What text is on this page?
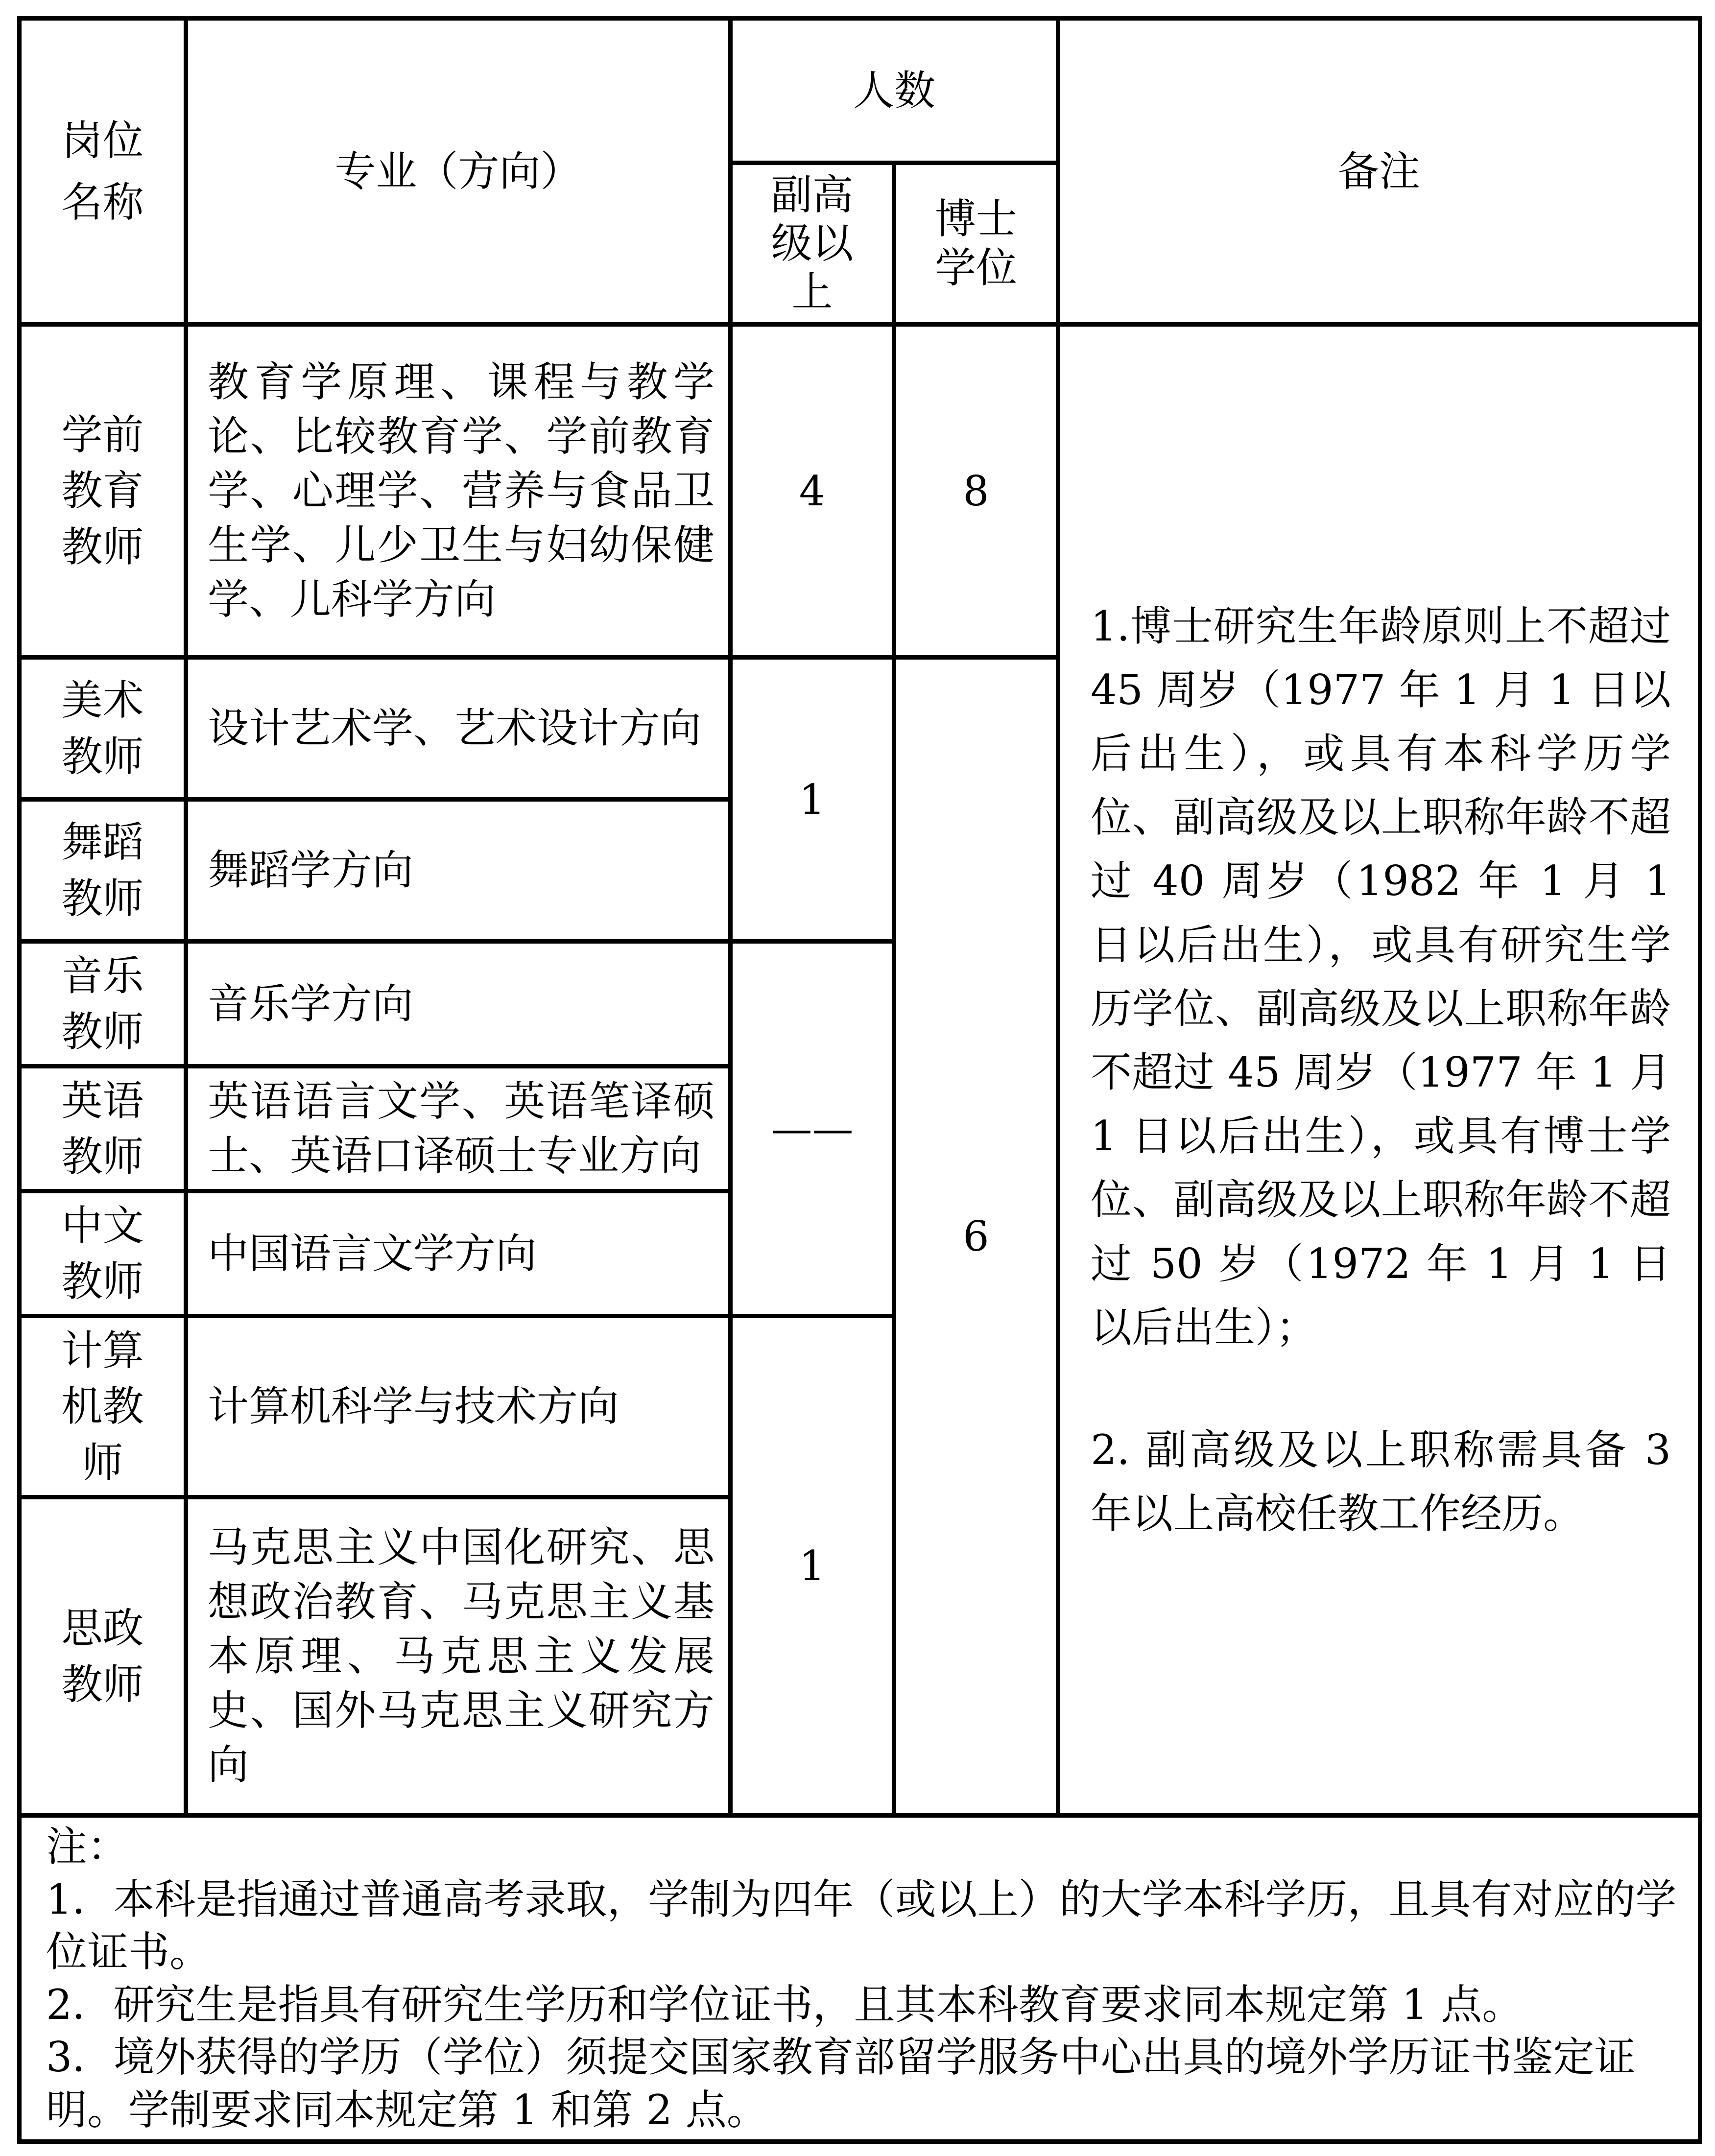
岗位名称	专业（方向）	人数		备注
		副高级以上	博士学位	
学前教育教师	教育学原理、课程与教学论、比较教育学、学前教育学、心理学、营养与食品卫生学、儿少卫生与妇幼保健学、儿科学方向	4	8	1.博士研究生年龄原则上不超过 45 周岁（1977 年 1 月 1 日以后出生），或具有本科学历学位、副高级及以上职称年龄不超过 40 周岁（1982 年 1 月 1 日以后出生），或具有研究生学历学位、副高级及以上职称年龄不超过 45 周岁（1977 年 1 月 1 日以后出生），或具有博士学位、副高级及以上职称年龄不超过 50 岁（1972 年 1 月 1 日以后出生）；

2. 副高级及以上职称需具备 3 年以上高校任教工作经历。

美术教师	设计艺术学、艺术设计方向	1	6	
舞蹈教师	舞蹈学方向			
音乐教师	音乐学方向	——		
英语教师	英语语言文学、英语笔译硕士、英语口译硕士专业方向			
中文教师	中国语言文学方向			
计算机教师	计算机科学与技术方向	1		
思政教师	马克思主义中国化研究、思想政治教育、马克思主义基本原理、马克思主义发展史、国外马克思主义研究方向			

注：

1．本科是指通过普通高考录取，学制为四年（或以上）的大学本科学历，且具有对应的学位证书。

2．研究生是指具有研究生学历和学位证书，且其本科教育要求同本规定第 1 点。

3．境外获得的学历（学位）须提交国家教育部留学服务中心出具的境外学历证书鉴定证明。学制要求同本规定第 1 和第 2 点。				
